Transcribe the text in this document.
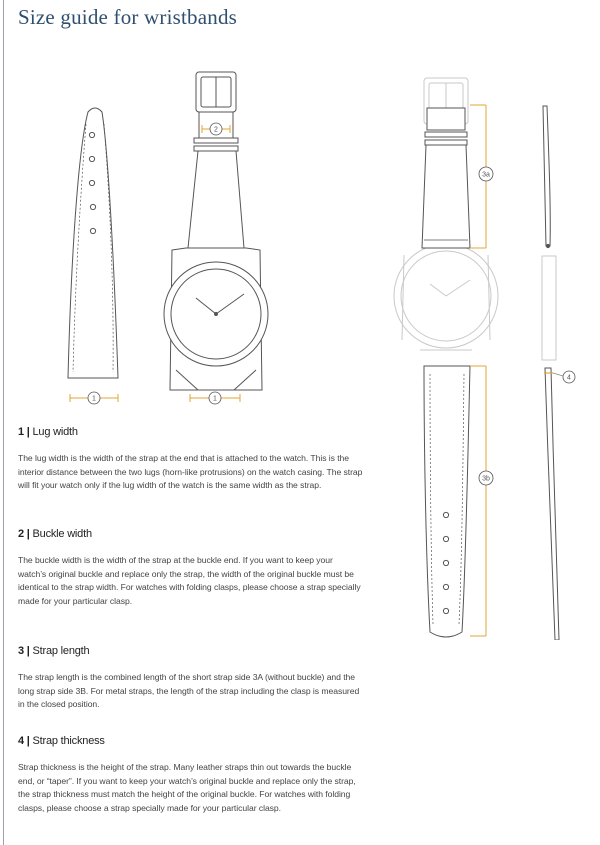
Size guide for wristbands
1
2
1
3a
3b
4
1 | Lug width

The lug width is the width of the strap at the end that is attached to the watch. This is the interior distance between the two lugs (horn-like protrusions) on the watch casing. The strap will fit your watch only if the lug width of the watch is the same width as the strap.

2 | Buckle width

The buckle width is the width of the strap at the buckle end. If you want to keep your watch’s original buckle and replace only the strap, the width of the original buckle must be identical to the strap width. For watches with folding clasps, please choose a strap specially made for your particular clasp.

3 | Strap length

The strap length is the combined length of the short strap side 3A (without buckle) and the long strap side 3B. For metal straps, the length of the strap including the clasp is measured in the closed position.

4 | Strap thickness

Strap thickness is the height of the strap. Many leather straps thin out towards the buckle end, or “taper”. If you want to keep your watch’s original buckle and replace only the strap, the strap thickness must match the height of the original buckle. For watches with folding clasps, please choose a strap specially made for your particular clasp.
